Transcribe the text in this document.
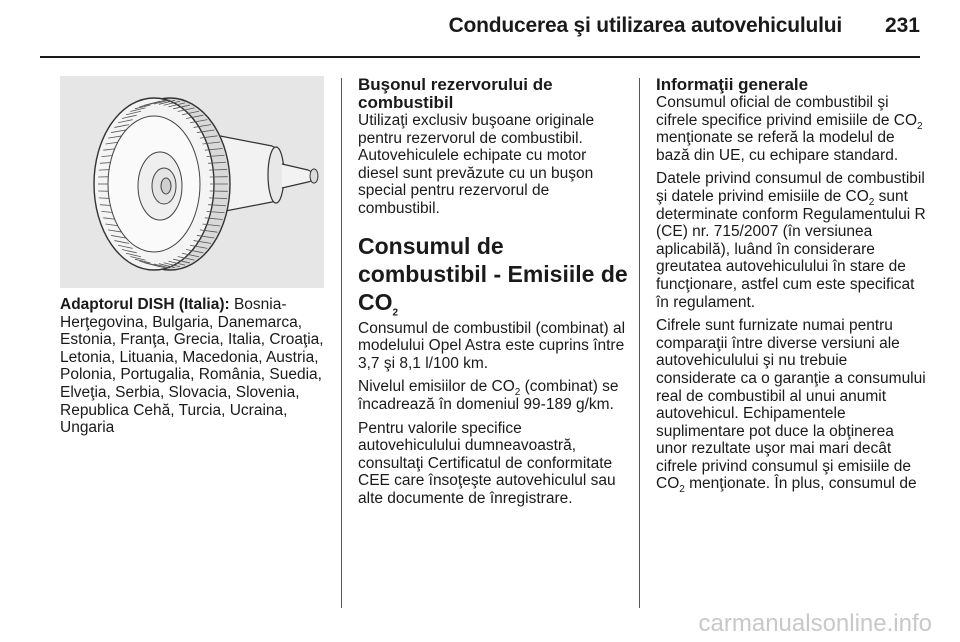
Conducerea şi utilizarea autovehiculului 231
Adaptorul DISH (Italia): Bosnia-Herţegovina, Bulgaria, Danemarca, Estonia, Franţa, Grecia, Italia, Croaţia, Letonia, Lituania, Macedonia, Austria, Polonia, Portugalia, România, Suedia, Elveţia, Serbia, Slovacia, Slovenia, Republica Cehă, Turcia, Ucraina, Ungaria
Buşonul rezervorului de combustibil

Utilizaţi exclusiv buşoane originale pentru rezervorul de combustibil. Autovehiculele echipate cu motor diesel sunt prevăzute cu un buşon special pentru rezervorul de combustibil.

Consumul de combustibil - Emisiile de $CO_2$

Consumul de combustibil (combinat) al modelului Opel Astra este cuprins între 3,7 şi 8,1 l/100 km.

Nivelul emisiilor de $CO_2$ (combinat) se încadrează în domeniul 99-189 g/km.

Pentru valorile specifice autovehiculului dumneavoastră, consultaţi Certificatul de conformitate CEE care însoţeşte autovehiculul sau alte documente de înregistrare.

Informaţii generale

Consumul oficial de combustibil şi cifrele specifice privind emisiile de $CO_2$ menţionate se referă la modelul de bază din UE, cu echipare standard.

Datele privind consumul de combustibil şi datele privind emisiile de $CO_2$ sunt determinate conform Regulamentului R (CE) nr. 715/2007 (în versiunea aplicabilă), luând în considerare greutatea autovehiculului în stare de funcţionare, astfel cum este specificat în regulament.

Cifrele sunt furnizate numai pentru comparaţii între diverse versiuni ale autovehiculului şi nu trebuie considerate ca o garanţie a consumului real de combustibil al unui anumit autovehicul. Echipamentele suplimentare pot duce la obţinerea unor rezultate uşor mai mari decât cifrele privind consumul şi emisiile de $CO_2$ menţionate. În plus, consumul de

carmanualsonline.info
